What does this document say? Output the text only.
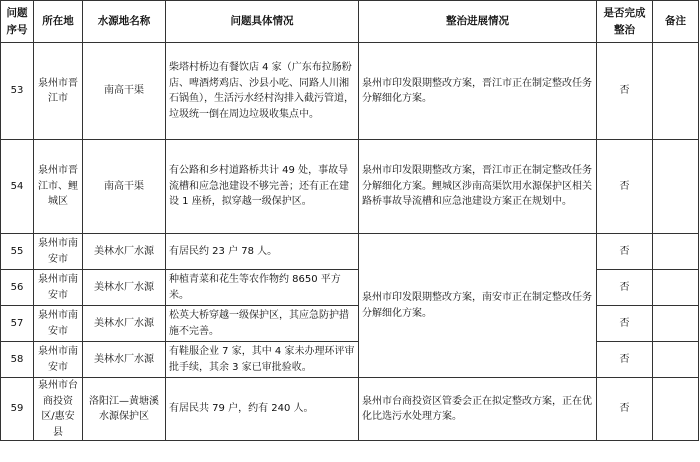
问题序号	所在地	水源地名称	问题具体情况	整治进展情况	是否完成整治	备注
53	泉州市晋江市	南高干渠	柴塔村桥边有餐饮店 4 家（广东布拉肠粉店、啤酒烤鸡店、沙县小吃、同路人川湘石锅鱼），生活污水经村沟排入截污管道，垃圾统一倒在周边垃圾收集点中。	泉州市印发限期整改方案，晋江市正在制定整改任务分解细化方案。	否	
54	泉州市晋江市、鲤城区	南高干渠	有公路和乡村道路桥共计 49 处，事故导流槽和应急池建设不够完善；还有正在建设 1 座桥，拟穿越一级保护区。	泉州市印发限期整改方案，晋江市正在制定整改任务分解细化方案。鲤城区涉南高渠饮用水源保护区相关路桥事故导流槽和应急池建设方案正在规划中。	否	
55	泉州市南安市	美林水厂水源	有居民约 23 户 78 人。	泉州市印发限期整改方案，南安市正在制定整改任务分解细化方案。	否	
56	泉州市南安市	美林水厂水源	种植青菜和花生等农作物约 8650 平方米。		否	
57	泉州市南安市	美林水厂水源	松英大桥穿越一级保护区，其应急防护措施不完善。		否	
58	泉州市南安市	美林水厂水源	有鞋服企业 7 家，其中 4 家未办理环评审批手续，其余 3 家已审批验收。		否	
59	泉州市台商投资区/惠安县	洛阳江—黄塘溪水源保护区	有居民共 79 户，约有 240 人。	泉州市台商投资区管委会正在拟定整改方案，正在优化比选污水处理方案。	否	
